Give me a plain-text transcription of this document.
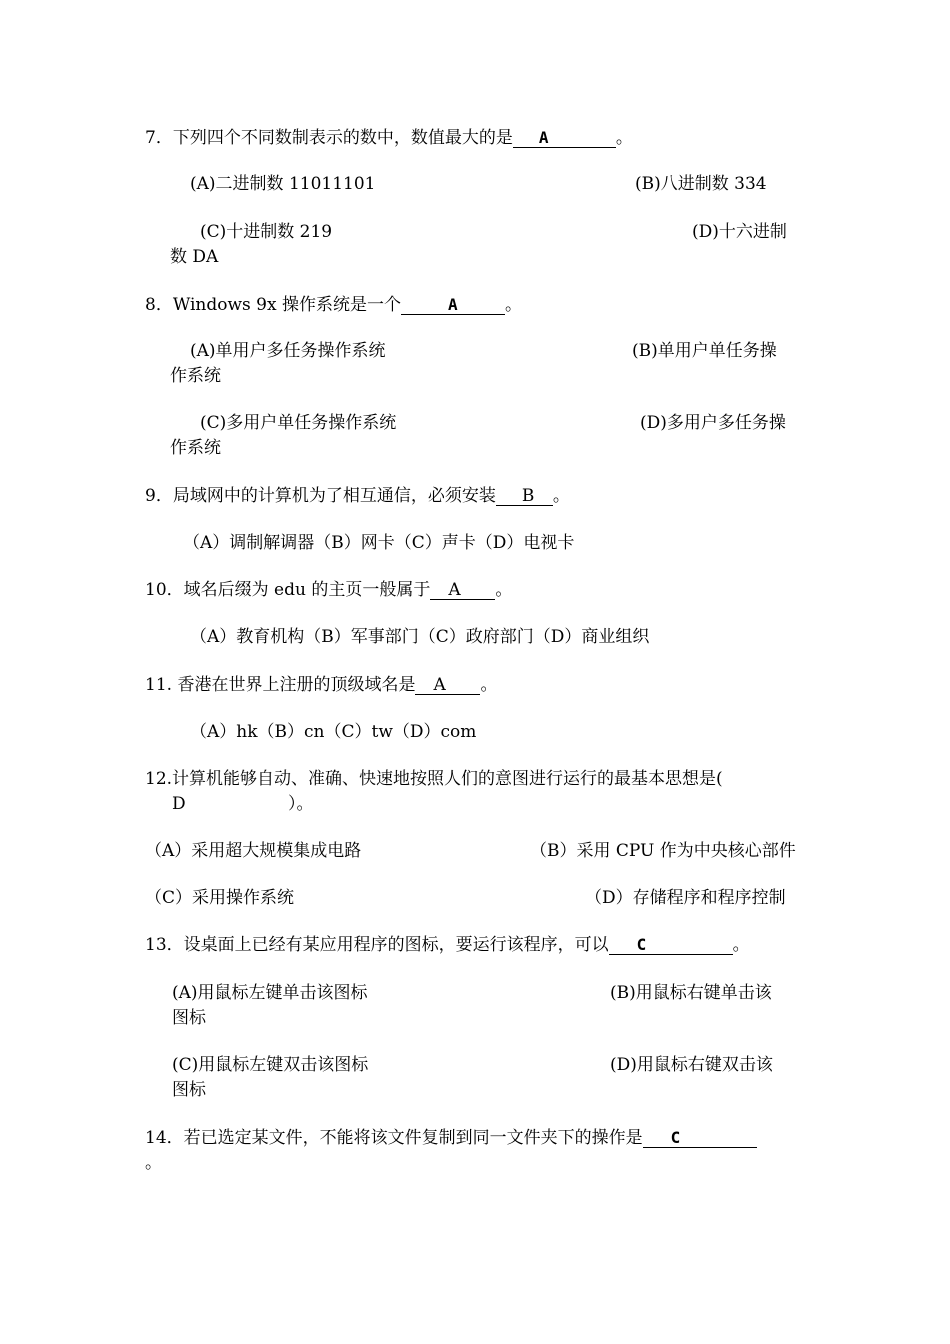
7．下列四个不同数制表示的数中，数值最大的是 A	。
(A)二进制数 11011101	(B)八进制数 334
(C)十进制数 219	(D)十六进制
数 DA
8．Windows 9x 操作系统是一个	A	。
(A)单用户多任务操作系统	(B)单用户单任务操
作系统
(C)多用户单任务操作系统	(D)多用户多任务操
作系统
9．局域网中的计算机为了相互通信，必须安装 B 。
（A）调制解调器（B）网卡（C）声卡（D）电视卡
10．域名后缀为 edu 的主页一般属于 A 。
（A）教育机构（B）军事部门（C）政府部门（D）商业组织
11. 香港在世界上注册的顶级域名是 A 。
（A）hk（B）cn（C）tw（D）com
12.计算机能够自动、准确、快速地按照人们的意图进行运行的最基本思想是(
D	）。
（A）采用超大规模集成电路	（B）采用 CPU 作为中央核心部件
（C）采用操作系统	（D）存储程序和程序控制
13．设桌面上已经有某应用程序的图标，要运行该程序，可以 C	。
(A)用鼠标左键单击该图标	(B)用鼠标右键单击该
图标
(C)用鼠标左键双击该图标	(D)用鼠标右键双击该
图标
14．若已选定某文件，不能将该文件复制到同一文件夹下的操作是 C
。
